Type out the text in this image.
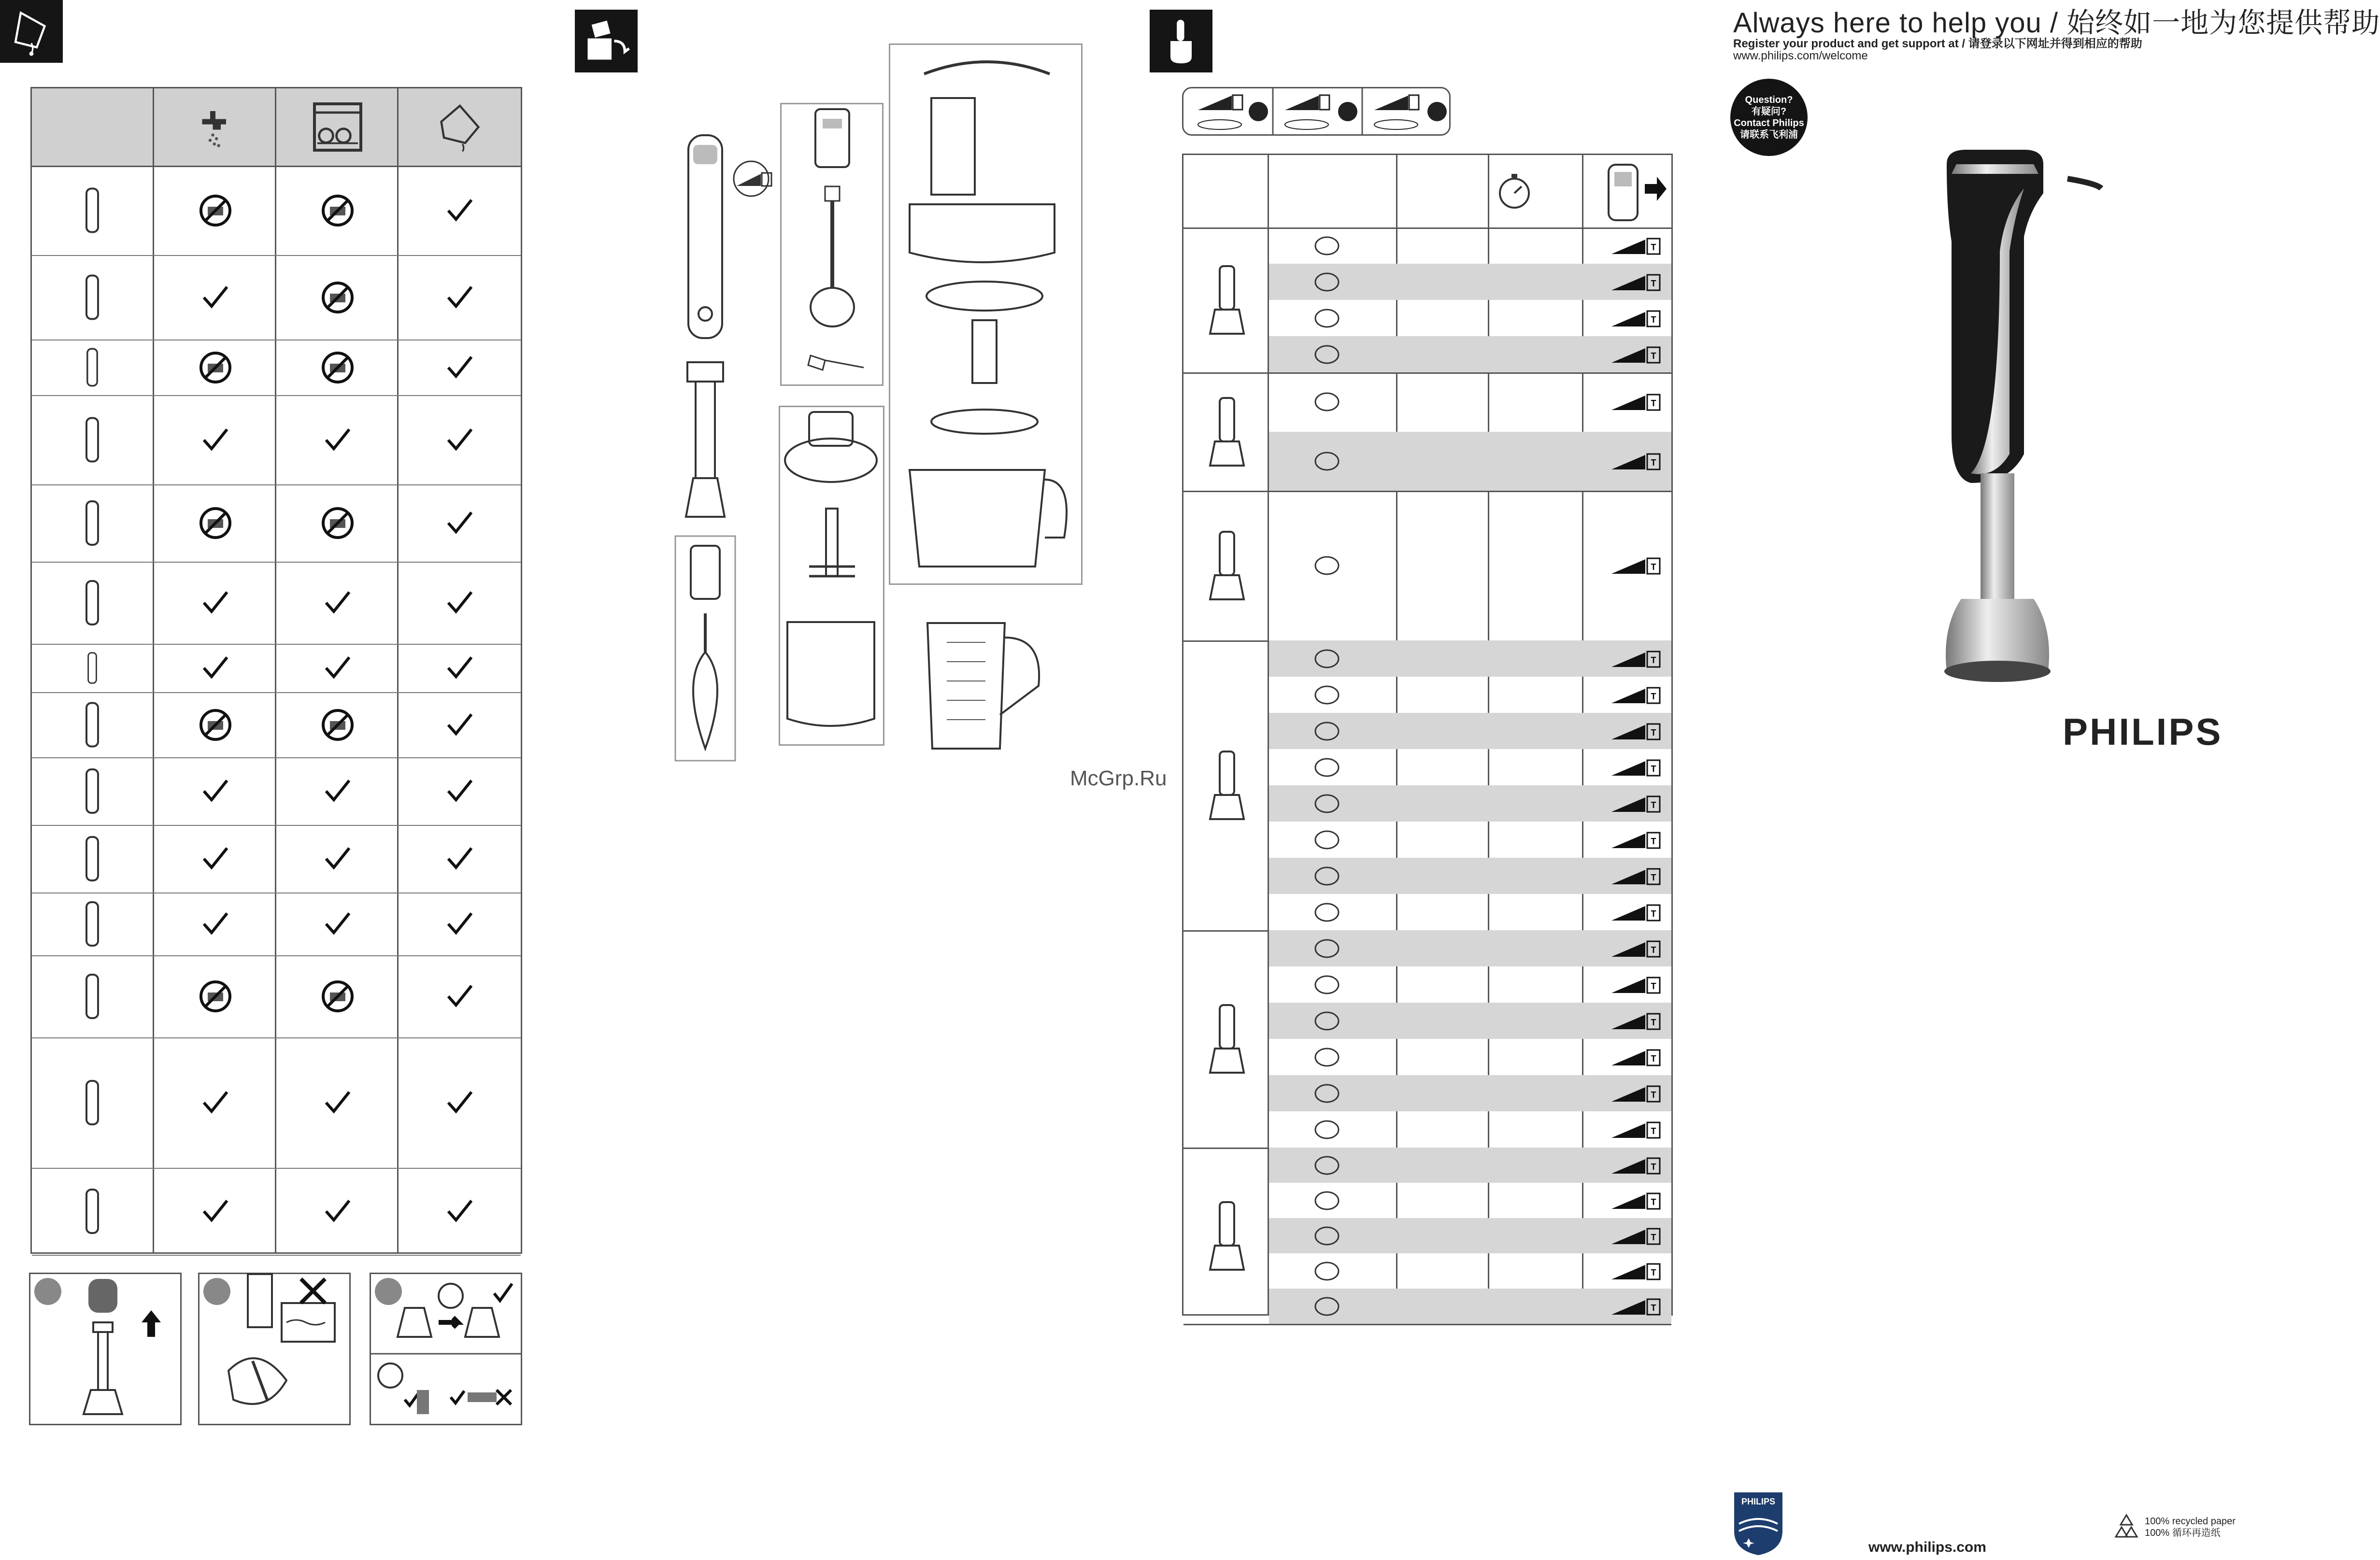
McGrp.Ru
T
T
T
T
T
T
T
T
T
T
T
T
T
T
T
T
T
T
T
T
T
T
T
T
T
T
Always here to help you / 始终如一地为您提供帮助
Register your product and get support at / 请登录以下网址并得到相应的帮助
www.philips.com/welcome
Question?
有疑问?
Contact Philips
请联系飞利浦
PHILIPS
PHILIPS
www.philips.com
100% recycled paper
100% 循环再造纸
